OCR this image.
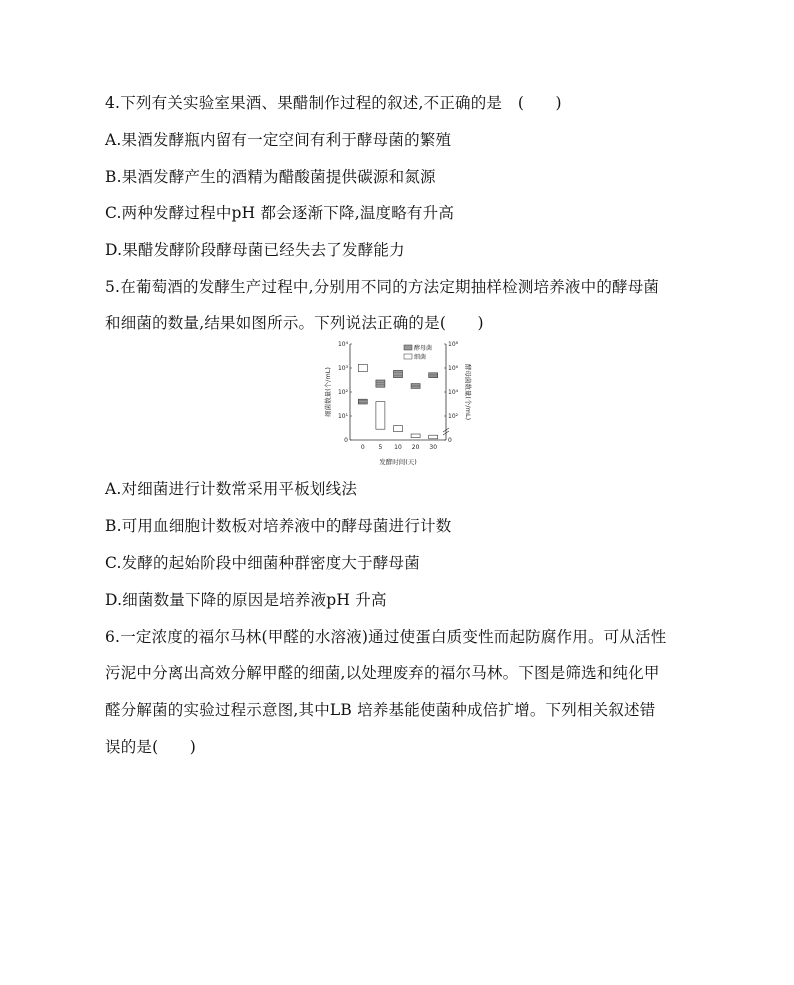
4.下列有关实验室果酒、果醋制作过程的叙述,不正确的是　(　　)
A.果酒发酵瓶内留有一定空间有利于酵母菌的繁殖
B.果酒发酵产生的酒精为醋酸菌提供碳源和氮源
C.两种发酵过程中pH 都会逐渐下降,温度略有升高
D.果醋发酵阶段酵母菌已经失去了发酵能力
5.在葡萄酒的发酵生产过程中,分别用不同的方法定期抽样检测培养液中的酵母菌
和细菌的数量,结果如图所示。下列说法正确的是(　　)
10⁴
10³
10²
10¹
0
10⁸
10⁶
10⁴
10²
0
0 5 10 20 30
酵母菌
细菌
细菌数量(个/mL)	酵母菌数量(个/mL)
发酵时间(天)
A.对细菌进行计数常采用平板划线法
B.可用血细胞计数板对培养液中的酵母菌进行计数
C.发酵的起始阶段中细菌种群密度大于酵母菌
D.细菌数量下降的原因是培养液pH 升高
6.一定浓度的福尔马林(甲醛的水溶液)通过使蛋白质变性而起防腐作用。可从活性
污泥中分离出高效分解甲醛的细菌,以处理废弃的福尔马林。下图是筛选和纯化甲
醛分解菌的实验过程示意图,其中LB 培养基能使菌种成倍扩增。下列相关叙述错
误的是(　　)
